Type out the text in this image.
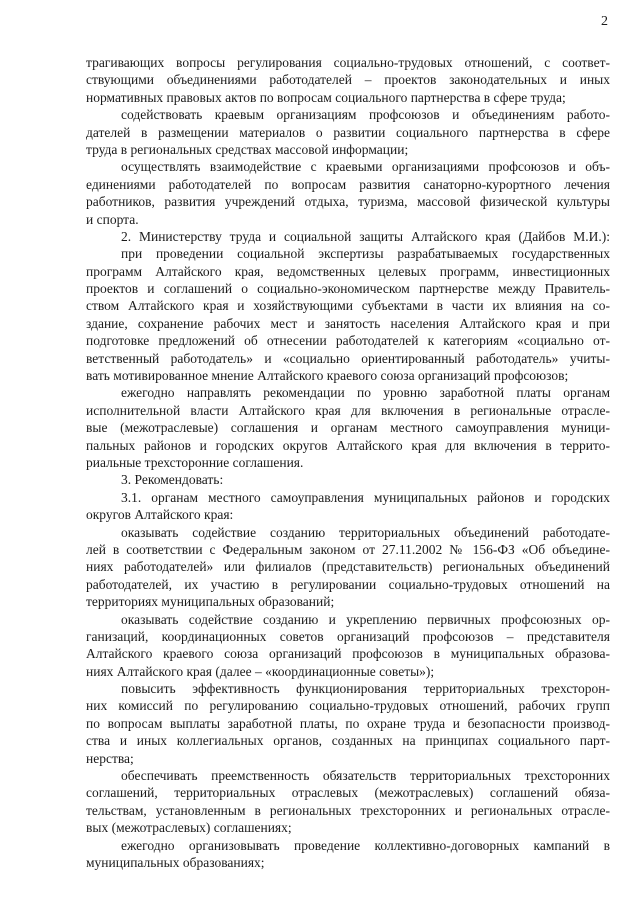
2
трагивающих вопросы регулирования социально-трудовых отношений, с соответ-
ствующими объединениями работодателей – проектов законодательных и иных
нормативных правовых актов по вопросам социального партнерства в сфере труда;
содействовать краевым организациям профсоюзов и объединениям работо-
дателей в размещении материалов о развитии социального партнерства в сфере
труда в региональных средствах массовой информации;
осуществлять взаимодействие с краевыми организациями профсоюзов и объ-
единениями работодателей по вопросам развития санаторно-курортного лечения
работников, развития учреждений отдыха, туризма, массовой физической культуры
и спорта.
2. Министерству труда и социальной защиты Алтайского края (Дайбов М.И.):
при проведении социальной экспертизы разрабатываемых государственных
программ Алтайского края, ведомственных целевых программ, инвестиционных
проектов и соглашений о социально-экономическом партнерстве между Правитель-
ством Алтайского края и хозяйствующими субъектами в части их влияния на со-
здание, сохранение рабочих мест и занятость населения Алтайского края и при
подготовке предложений об отнесении работодателей к категориям «социально от-
ветственный работодатель» и «социально ориентированный работодатель» учиты-
вать мотивированное мнение Алтайского краевого союза организаций профсоюзов;
ежегодно направлять рекомендации по уровню заработной платы органам
исполнительной власти Алтайского края для включения в региональные отрасле-
вые (межотраслевые) соглашения и органам местного самоуправления муници-
пальных районов и городских округов Алтайского края для включения в террито-
риальные трехсторонние соглашения.
3. Рекомендовать:
3.1. органам местного самоуправления муниципальных районов и городских
округов Алтайского края:
оказывать содействие созданию территориальных объединений работодате-
лей в соответствии с Федеральным законом от 27.11.2002 № 156-ФЗ «Об объедине-
ниях работодателей» или филиалов (представительств) региональных объединений
работодателей, их участию в регулировании социально-трудовых отношений на
территориях муниципальных образований;
оказывать содействие созданию и укреплению первичных профсоюзных ор-
ганизаций, координационных советов организаций профсоюзов – представителя
Алтайского краевого союза организаций профсоюзов в муниципальных образова-
ниях Алтайского края (далее – «координационные советы»);
повысить эффективность функционирования территориальных трехсторон-
них комиссий по регулированию социально-трудовых отношений, рабочих групп
по вопросам выплаты заработной платы, по охране труда и безопасности производ-
ства и иных коллегиальных органов, созданных на принципах социального парт-
нерства;
обеспечивать преемственность обязательств территориальных трехсторонних
соглашений, территориальных отраслевых (межотраслевых) соглашений обяза-
тельствам, установленным в региональных трехсторонних и региональных отрасле-
вых (межотраслевых) соглашениях;
ежегодно организовывать проведение коллективно-договорных кампаний в
муниципальных образованиях;
